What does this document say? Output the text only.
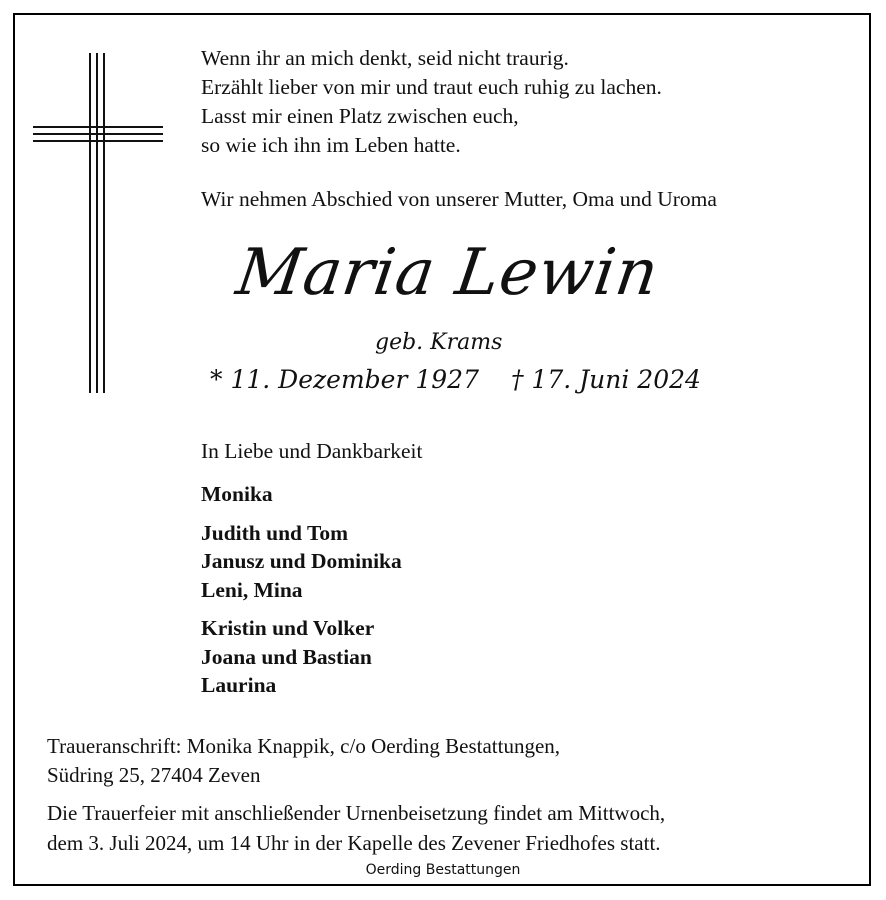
Wenn ihr an mich denkt, seid nicht traurig.
Erzählt lieber von mir und traut euch ruhig zu lachen.
Lasst mir einen Platz zwischen euch,
so wie ich ihn im Leben hatte.
Wir nehmen Abschied von unserer Mutter, Oma und Uroma
Maria Lewin
geb. Krams
* 11. Dezember 1927 † 17. Juni 2024
In Liebe und Dankbarkeit
Monika
Judith und Tom
Janusz und Dominika
Leni, Mina
Kristin und Volker
Joana und Bastian
Laurina
Traueranschrift: Monika Knappik, c/o Oerding Bestattungen,
Südring 25, 27404 Zeven
Die Trauerfeier mit anschließender Urnenbeisetzung findet am Mittwoch,
dem 3. Juli 2024, um 14 Uhr in der Kapelle des Zevener Friedhofes statt.
Oerding Bestattungen
